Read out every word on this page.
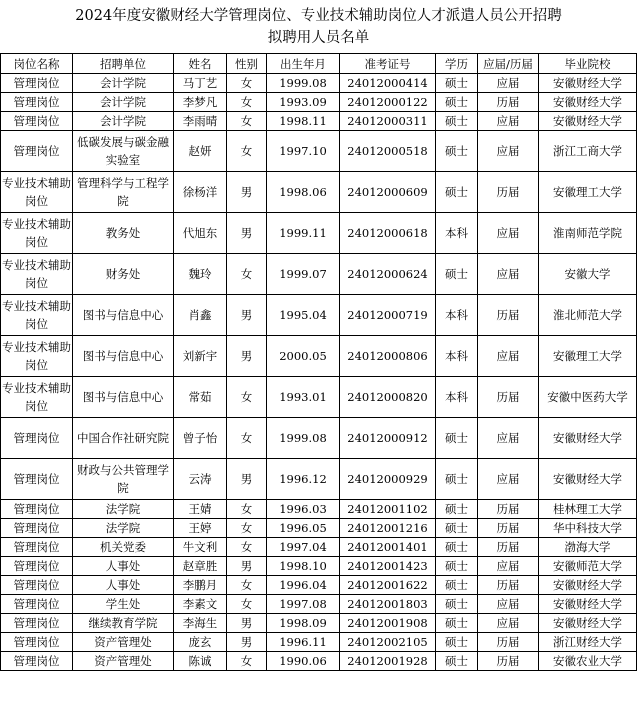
2024年度安徽财经大学管理岗位、专业技术辅助岗位人才派遣人员公开招聘
拟聘用人员名单
岗位名称	招聘单位	姓名	性别	出生年月	准考证号	学历	应届/历届	毕业院校
管理岗位	会计学院	马丁艺	女	1999.08	24012000414	硕士	应届	安徽财经大学
管理岗位	会计学院	李梦凡	女	1993.09	24012000122	硕士	历届	安徽财经大学
管理岗位	会计学院	李雨晴	女	1998.11	24012000311	硕士	应届	安徽财经大学
管理岗位	低碳发展与碳金融实验室	赵妍	女	1997.10	24012000518	硕士	应届	浙江工商大学
专业技术辅助岗位	管理科学与工程学院	徐杨洋	男	1998.06	24012000609	硕士	历届	安徽理工大学
专业技术辅助岗位	教务处	代旭东	男	1999.11	24012000618	本科	应届	淮南师范学院
专业技术辅助岗位	财务处	魏玲	女	1999.07	24012000624	硕士	应届	安徽大学
专业技术辅助岗位	图书与信息中心	肖鑫	男	1995.04	24012000719	本科	历届	淮北师范大学
专业技术辅助岗位	图书与信息中心	刘新宇	男	2000.05	24012000806	本科	应届	安徽理工大学
专业技术辅助岗位	图书与信息中心	常茹	女	1993.01	24012000820	本科	历届	安徽中医药大学
管理岗位	中国合作社研究院	曾子怡	女	1999.08	24012000912	硕士	应届	安徽财经大学
管理岗位	财政与公共管理学院	云涛	男	1996.12	24012000929	硕士	应届	安徽财经大学
管理岗位	法学院	王婧	女	1996.03	24012001102	硕士	历届	桂林理工大学
管理岗位	法学院	王婷	女	1996.05	24012001216	硕士	历届	华中科技大学
管理岗位	机关党委	牛文利	女	1997.04	24012001401	硕士	历届	渤海大学
管理岗位	人事处	赵章胜	男	1998.10	24012001423	硕士	应届	安徽师范大学
管理岗位	人事处	李鹏月	女	1996.04	24012001622	硕士	历届	安徽财经大学
管理岗位	学生处	李素文	女	1997.08	24012001803	硕士	应届	安徽财经大学
管理岗位	继续教育学院	李海生	男	1998.09	24012001908	硕士	应届	安徽财经大学
管理岗位	资产管理处	庞玄	男	1996.11	24012002105	硕士	历届	浙江财经大学
管理岗位	资产管理处	陈诚	女	1990.06	24012001928	硕士	历届	安徽农业大学
